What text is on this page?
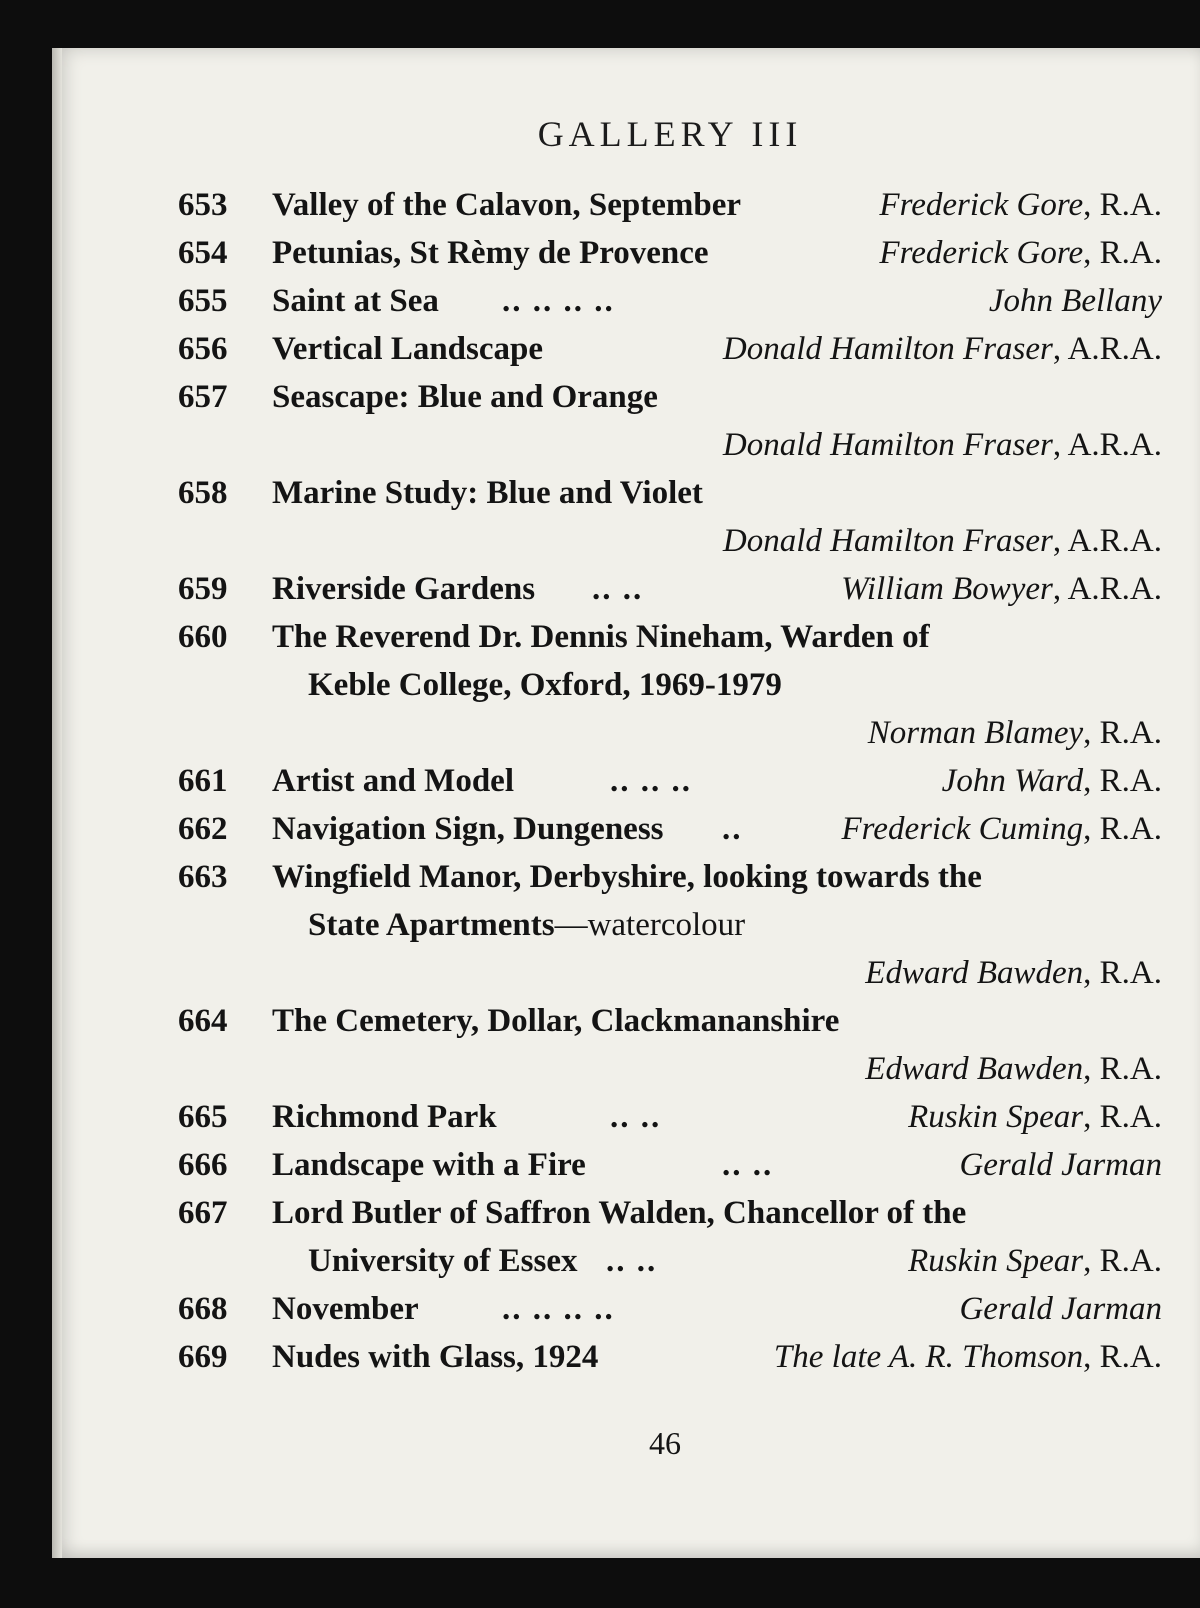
GALLERY III
653 Valley of the Calavon, September	Frederick Gore, R.A.
654 Petunias, St Rèmy de Provence	Frederick Gore, R.A.
655 Saint at Sea .. .. .. ..	John Bellany
656 Vertical Landscape	Donald Hamilton Fraser, A.R.A.
657 Seascape: Blue and Orange
Donald Hamilton Fraser, A.R.A.
658 Marine Study: Blue and Violet
Donald Hamilton Fraser, A.R.A.
659 Riverside Gardens .. ..	William Bowyer, A.R.A.
660 The Reverend Dr. Dennis Nineham, Warden of
Keble College, Oxford, 1969-1979
Norman Blamey, R.A.
661 Artist and Model	.. .. ..	John Ward, R.A.
662 Navigation Sign, Dungeness ..	Frederick Cuming, R.A.
663 Wingfield Manor, Derbyshire, looking towards the
State Apartments—watercolour
Edward Bawden, R.A.
664 The Cemetery, Dollar, Clackmananshire
Edward Bawden, R.A.
665 Richmond Park	.. ..	Ruskin Spear, R.A.
666 Landscape with a Fire	.. ..	Gerald Jarman
667 Lord Butler of Saffron Walden, Chancellor of the
University of Essex .. ..	Ruskin Spear, R.A.
668 November	.. .. .. ..	Gerald Jarman
669 Nudes with Glass, 1924	The late A. R. Thomson, R.A.
46
